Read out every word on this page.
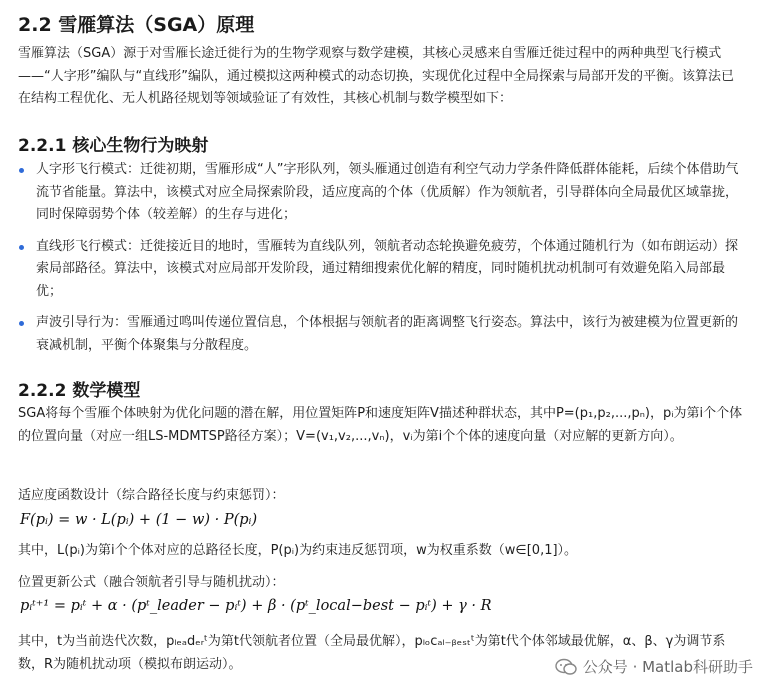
2.2 雪雁算法（SGA）原理
雪雁算法（SGA）源于对雪雁长途迁徙行为的生物学观察与数学建模，其核心灵感来自雪雁迁徙过程中的两种典型飞行模式——“人字形”编队与“直线形”编队，通过模拟这两种模式的动态切换，实现优化过程中全局探索与局部开发的平衡。该算法已在结构工程优化、无人机路径规划等领域验证了有效性，其核心机制与数学模型如下：
2.2.1 核心生物行为映射
人字形飞行模式：迁徙初期，雪雁形成“人”字形队列，领头雁通过创造有利空气动力学条件降低群体能耗，后续个体借助气流节省能量。算法中，该模式对应全局探索阶段，适应度高的个体（优质解）作为领航者，引导群体向全局最优区域靠拢，同时保障弱势个体（较差解）的生存与进化；
直线形飞行模式：迁徙接近目的地时，雪雁转为直线队列，领航者动态轮换避免疲劳，个体通过随机行为（如布朗运动）探索局部路径。算法中，该模式对应局部开发阶段，通过精细搜索优化解的精度，同时随机扰动机制可有效避免陷入局部最优；
声波引导行为：雪雁通过鸣叫传递位置信息，个体根据与领航者的距离调整飞行姿态。算法中，该行为被建模为位置更新的衰减机制，平衡个体聚集与分散程度。
2.2.2 数学模型
SGA将每个雪雁个体映射为优化问题的潜在解，用位置矩阵P和速度矩阵V描述种群状态，其中P=(p₁,p₂,...,pₙ)，pᵢ为第i个个体的位置向量（对应一组LS-MDMTSP路径方案）；V=(v₁,v₂,...,vₙ)，vᵢ为第i个个体的速度向量（对应解的更新方向）。
适应度函数设计（综合路径长度与约束惩罚）：
F(pᵢ) = w · L(pᵢ) + (1 − w) · P(pᵢ)
其中，L(pᵢ)为第i个个体对应的总路径长度，P(pᵢ)为约束违反惩罚项，w为权重系数（w∈[0,1]）。
位置更新公式（融合领航者引导与随机扰动）：
pᵢᵗ⁺¹ = pᵢᵗ + α · (pᵗ_leader − pᵢᵗ) + β · (pᵗ_local−best − pᵢᵗ) + γ · R
其中，t为当前迭代次数，pₗₑₐdₑᵣᵗ为第t代领航者位置（全局最优解），pₗₒcₐₗ₋ᵦₑₛₜᵗ为第t代个体邻域最优解，α、β、γ为调节系数，R为随机扰动项（模拟布朗运动）。	公众号 · Matlab科研助手
